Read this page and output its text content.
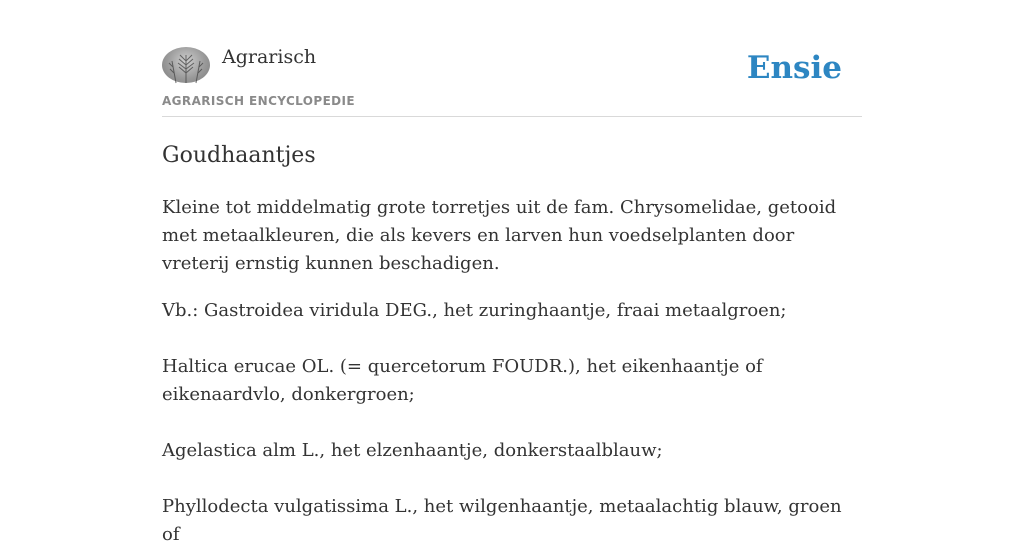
Agrarisch
AGRARISCH ENCYCLOPEDIE
Ensie
Goudhaantjes

Kleine tot middelmatig grote torretjes uit de fam. Chrysomelidae, getooid met metaalkleuren, die als kevers en larven hun voedselplanten door vreterij ernstig kunnen beschadigen.

Vb.: Gastroidea viridula DEG., het zuringhaantje, fraai metaalgroen;

Haltica erucae OL. (= quercetorum FOUDR.), het eikenhaantje of eikenaardvlo, donkergroen;

Agelastica alm L., het elzenhaantje, donkerstaalblauw;

Phyllodecta vulgatissima L., het wilgenhaantje, metaalachtig blauw, groen of
